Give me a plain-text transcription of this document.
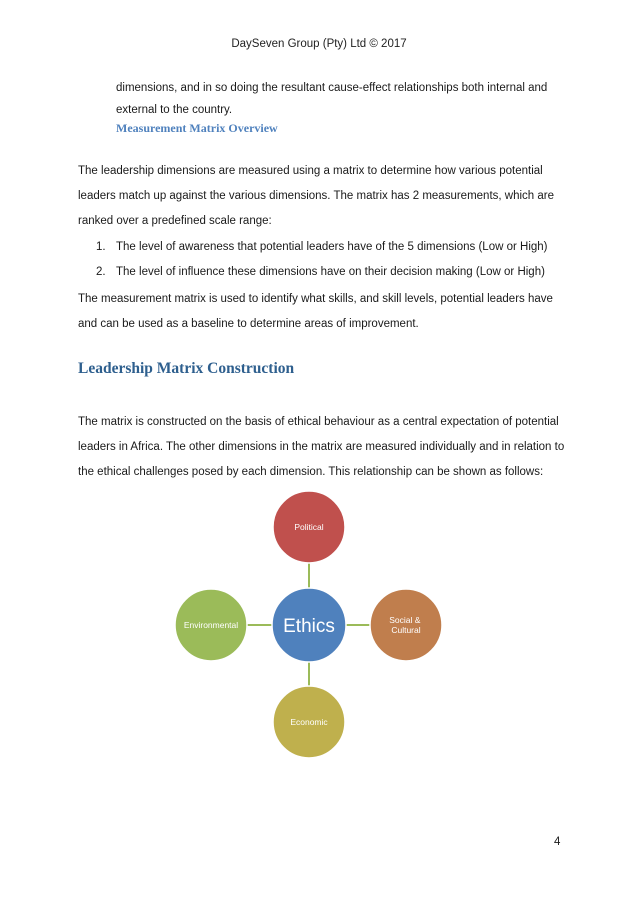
DaySeven Group (Pty) Ltd © 2017
dimensions, and in so doing the resultant cause-effect relationships both internal and external to the country.
Measurement Matrix Overview
The leadership dimensions are measured using a matrix to determine how various potential leaders match up against the various dimensions. The matrix has 2 measurements, which are ranked over a predefined scale range:
1. The level of awareness that potential leaders have of the 5 dimensions (Low or High)
2. The level of influence these dimensions have on their decision making (Low or High)
The measurement matrix is used to identify what skills, and skill levels, potential leaders have and can be used as a baseline to determine areas of improvement.
Leadership Matrix Construction
The matrix is constructed on the basis of ethical behaviour as a central expectation of potential leaders in Africa. The other dimensions in the matrix are measured individually and in relation to the ethical challenges posed by each dimension. This relationship can be shown as follows:
Political
Social & Cultural
Economic
Environmental Ethics
4
